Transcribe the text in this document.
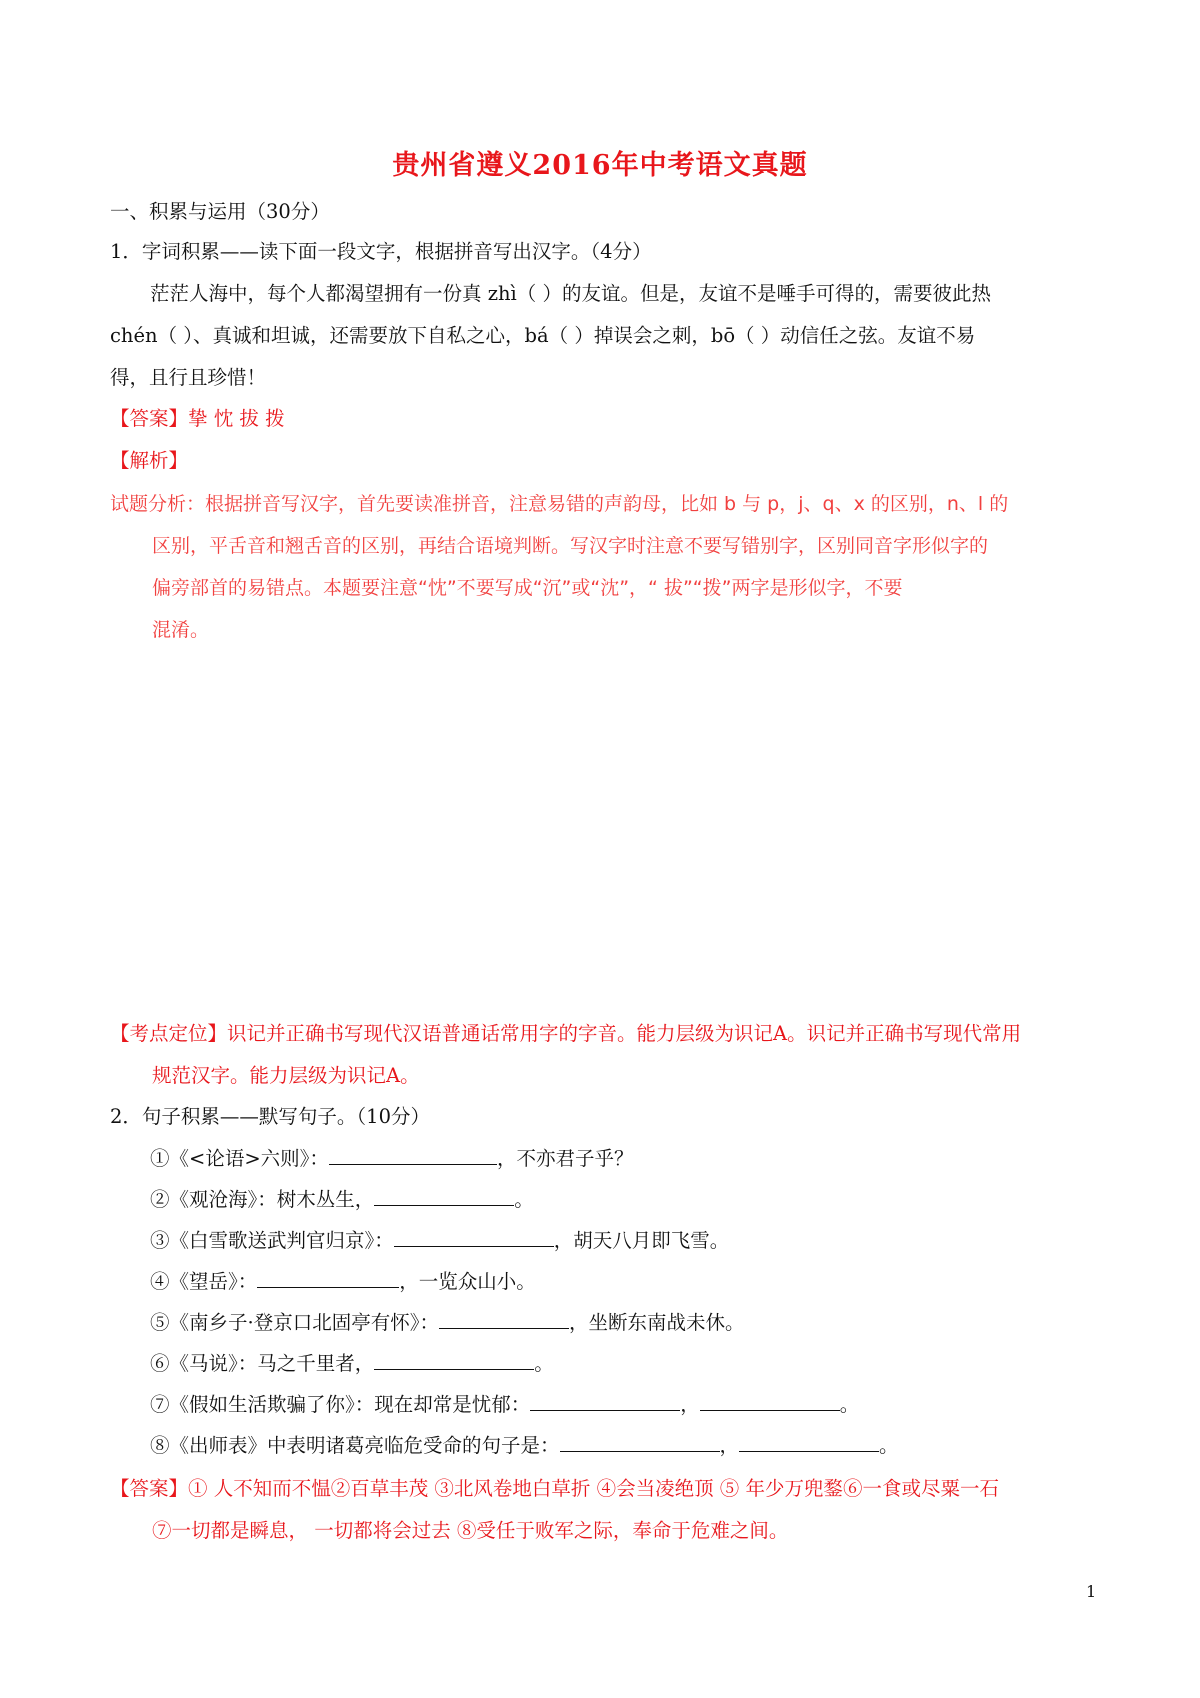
贵州省遵义2016年中考语文真题
一、积累与运用（30分）
1．字词积累——读下面一段文字，根据拼音写出汉字。（4分）
茫茫人海中，每个人都渴望拥有一份真 zhì（ ）的友谊。但是，友谊不是唾手可得的，需要彼此热
chén（ ）、真诚和坦诚，还需要放下自私之心，bá（ ）掉误会之刺，bō（ ）动信任之弦。友谊不易
得，且行且珍惜！
【答案】挚 忱 拔 拨
【解析】
试题分析：根据拼音写汉字，首先要读准拼音，注意易错的声韵母，比如 b 与 p，j、q、x 的区别，n、l 的
区别，平舌音和翘舌音的区别，再结合语境判断。写汉字时注意不要写错别字，区别同音字形似字的
偏旁部首的易错点。本题要注意“忱”不要写成“沉”或“沈”，“ 拔”“拨”两字是形似字，不要
混淆。
【考点定位】识记并正确书写现代汉语普通话常用字的字音。能力层级为识记A。识记并正确书写现代常用
规范汉字。能力层级为识记A。
2．句子积累——默写句子。（10分）
①《<论语>六则》：	，不亦君子乎？
②《观沧海》：树木丛生，	。
③《白雪歌送武判官归京》：	，胡天八月即飞雪。
④《望岳》：	，一览众山小。
⑤《南乡子·登京口北固亭有怀》：	，坐断东南战未休。
⑥《马说》：马之千里者，	。
⑦《假如生活欺骗了你》：现在却常是忧郁：	，	。
⑧《出师表》中表明诸葛亮临危受命的句子是：	，	。
【答案】① 人不知而不愠②百草丰茂 ③北风卷地白草折 ④会当凌绝顶 ⑤ 年少万兜鍪⑥一食或尽粟一石
⑦一切都是瞬息， 一切都将会过去 ⑧受任于败军之际，奉命于危难之间。
1
